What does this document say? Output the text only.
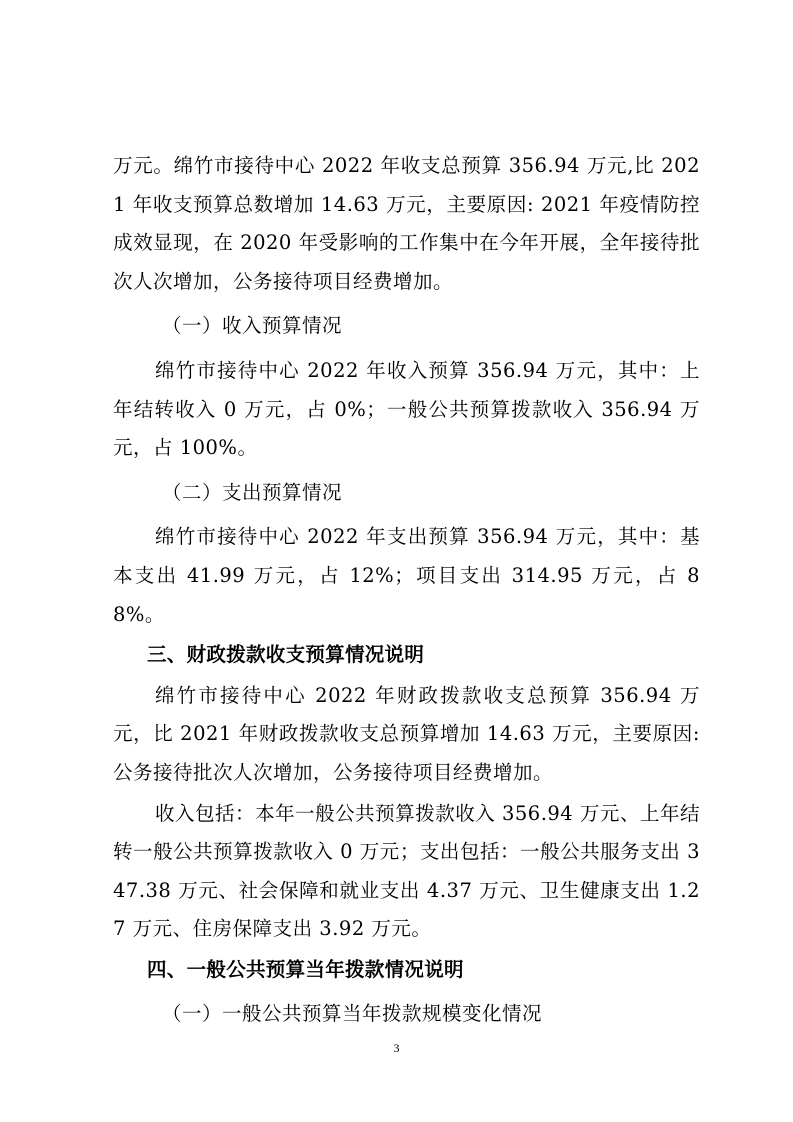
万元。绵竹市接待中心 2022 年收支总预算 356.94 万元,比 2021 年收支预算总数增加 14.63 万元，主要原因: 2021 年疫情防控成效显现，在 2020 年受影响的工作集中在今年开展，全年接待批次人次增加，公务接待项目经费增加。

（一）收入预算情况

绵竹市接待中心 2022 年收入预算 356.94 万元，其中：上年结转收入 0 万元，占 0%；一般公共预算拨款收入 356.94 万元，占 100%。

（二）支出预算情况

绵竹市接待中心 2022 年支出预算 356.94 万元，其中：基本支出 41.99 万元，占 12%；项目支出 314.95 万元，占 88%。

三、财政拨款收支预算情况说明

绵竹市接待中心 2022 年财政拨款收支总预算 356.94 万元，比 2021 年财政拨款收支总预算增加 14.63 万元，主要原因: 公务接待批次人次增加，公务接待项目经费增加。

收入包括：本年一般公共预算拨款收入 356.94 万元、上年结转一般公共预算拨款收入 0 万元；支出包括：一般公共服务支出 347.38 万元、社会保障和就业支出 4.37 万元、卫生健康支出 1.27 万元、住房保障支出 3.92 万元。

四、一般公共预算当年拨款情况说明

（一）一般公共预算当年拨款规模变化情况

3
